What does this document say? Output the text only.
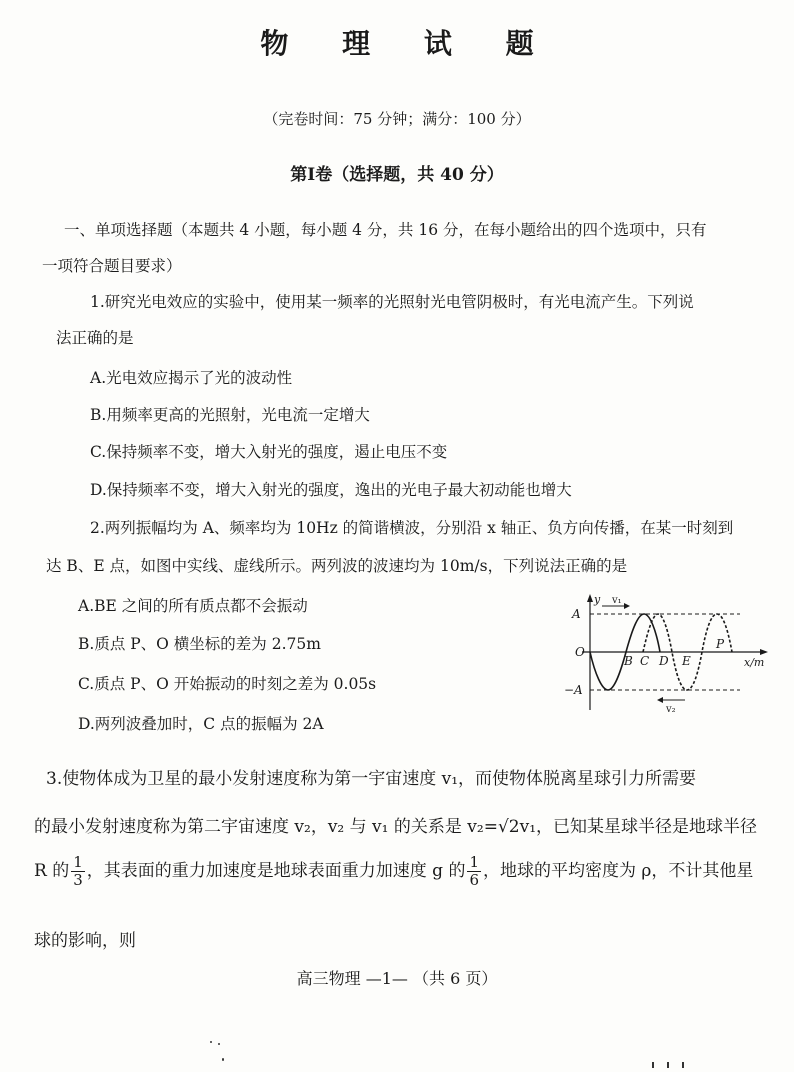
物 理 试 题
（完卷时间：75 分钟；满分：100 分）
第Ⅰ卷（选择题，共 40 分）
一、单项选择题（本题共 4 小题，每小题 4 分，共 16 分，在每小题给出的四个选项中，只有
一项符合题目要求）
1.研究光电效应的实验中，使用某一频率的光照射光电管阴极时，有光电流产生。下列说
法正确的是
A.光电效应揭示了光的波动性
B.用频率更高的光照射，光电流一定增大
C.保持频率不变，增大入射光的强度，遏止电压不变
D.保持频率不变，增大入射光的强度，逸出的光电子最大初动能也增大
2.两列振幅均为 A、频率均为 10Hz 的简谐横波，分别沿 x 轴正、负方向传播，在某一时刻到
达 B、E 点，如图中实线、虚线所示。两列波的波速均为 10m/s，下列说法正确的是
A.BE 之间的所有质点都不会振动
B.质点 P、O 横坐标的差为 2.75m
C.质点 P、O 开始振动的时刻之差为 0.05s
D.两列波叠加时，C 点的振幅为 2A
v₁
v₂
y
A
−A
O
B C D E
P
x/m
3.使物体成为卫星的最小发射速度称为第一宇宙速度 v₁，而使物体脱离星球引力所需要
的最小发射速度称为第二宇宙速度 v₂，v₂ 与 v₁ 的关系是 v₂=√2v₁，已知某星球半径是地球半径
R 的 $\frac{1}{3}$ ，其表面的重力加速度是地球表面重力加速度 g 的 $\frac{1}{6}$ ，地球的平均密度为 ρ，不计其他星
球的影响，则
高三物理 —1— （共 6 页）
